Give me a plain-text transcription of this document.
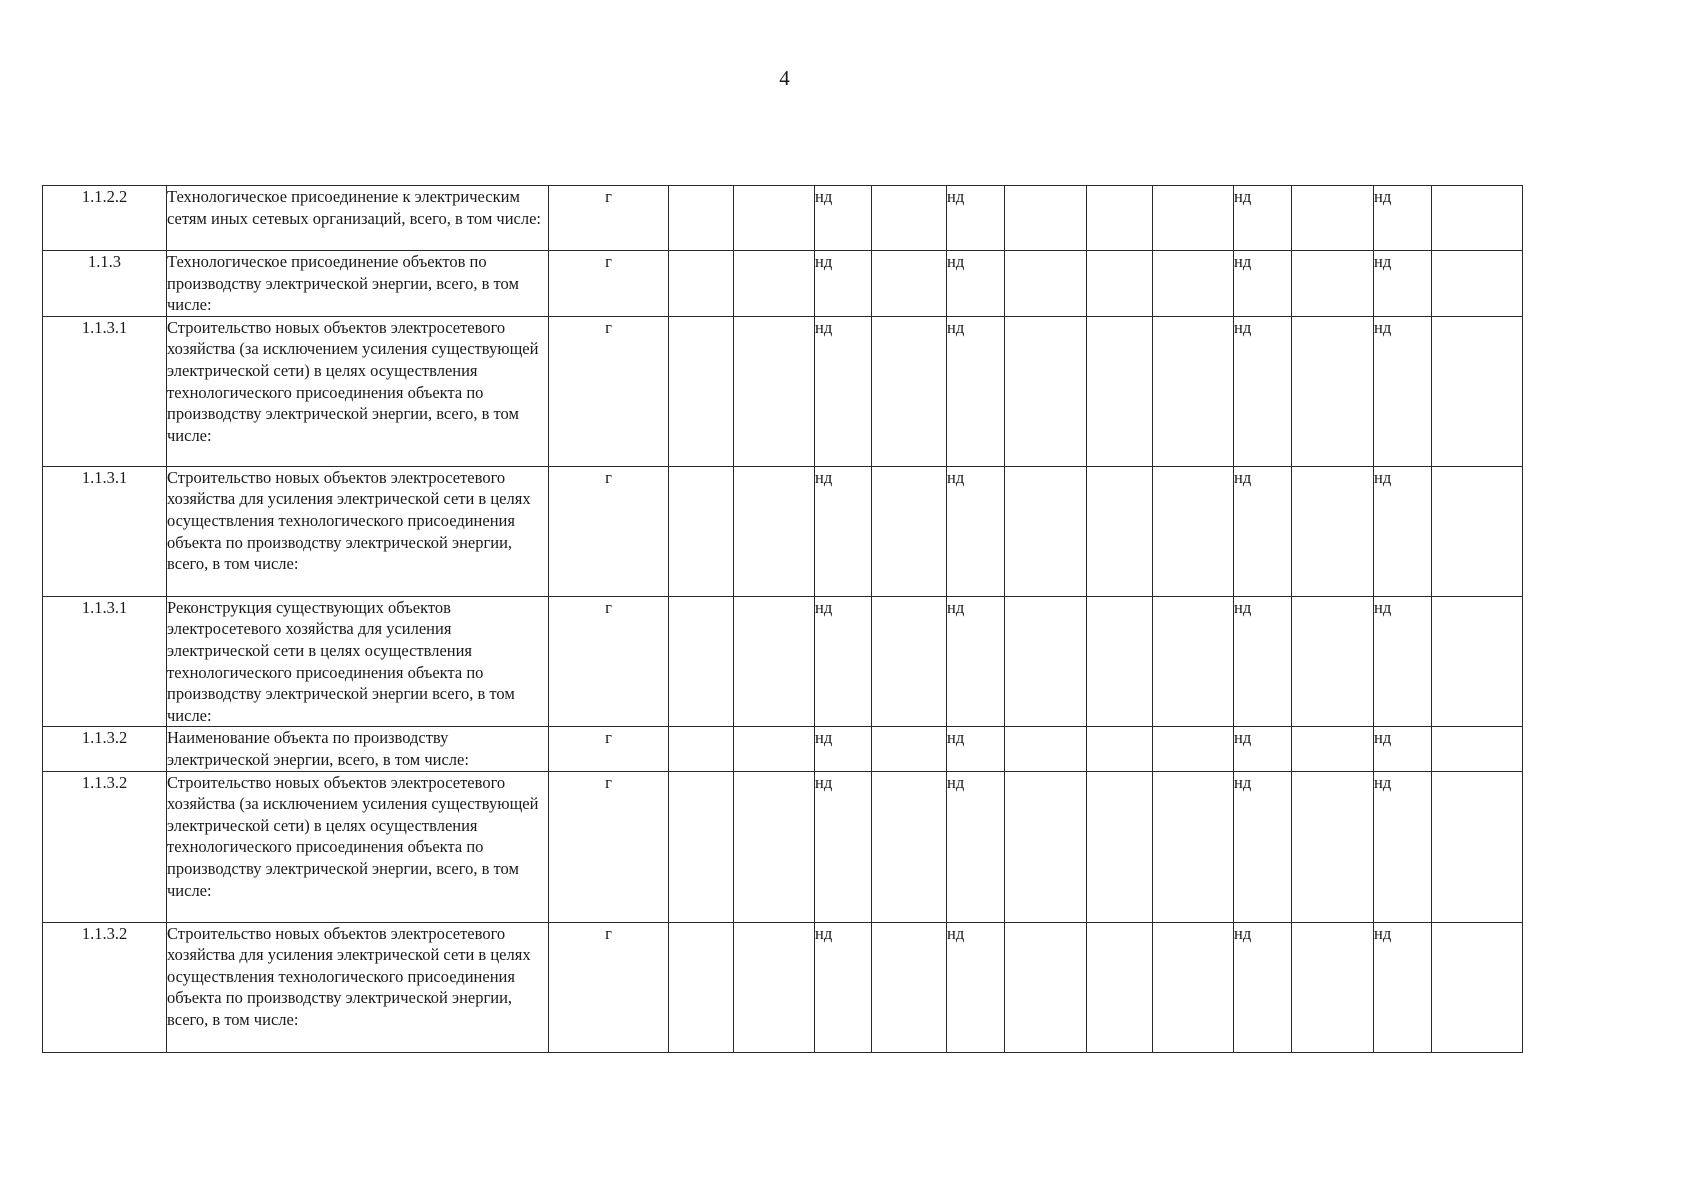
4
1.1.2.2	Технологическое присоединение к электрическим сетям иных сетевых организаций, всего, в том числе:	г			нд		нд				нд		нд	
1.1.3	Технологическое присоединение объектов по производству электрической энергии, всего, в том числе:	г			нд		нд				нд		нд	
1.1.3.1	Строительство новых объектов электросетевого хозяйства (за исключением усиления существующей электрической сети) в целях осуществления технологического присоединения объекта по производству электрической энергии, всего, в том числе:	г			нд		нд				нд		нд	
1.1.3.1	Строительство новых объектов электросетевого хозяйства для усиления электрической сети в целях осуществления технологического присоединения объекта по производству электрической энергии, всего, в том числе:	г			нд		нд				нд		нд	
1.1.3.1	Реконструкция существующих объектов электросетевого хозяйства для усиления электрической сети в целях осуществления технологического присоединения объекта по производству электрической энергии всего, в том числе:	г			нд		нд				нд		нд	
1.1.3.2	Наименование объекта по производству электрической энергии, всего, в том числе:	г			нд		нд				нд		нд	
1.1.3.2	Строительство новых объектов электросетевого хозяйства (за исключением усиления существующей электрической сети) в целях осуществления технологического присоединения объекта по производству электрической энергии, всего, в том числе:	г			нд		нд				нд		нд	
1.1.3.2	Строительство новых объектов электросетевого хозяйства для усиления электрической сети в целях осуществления технологического присоединения объекта по производству электрической энергии, всего, в том числе:	г			нд		нд				нд		нд	
